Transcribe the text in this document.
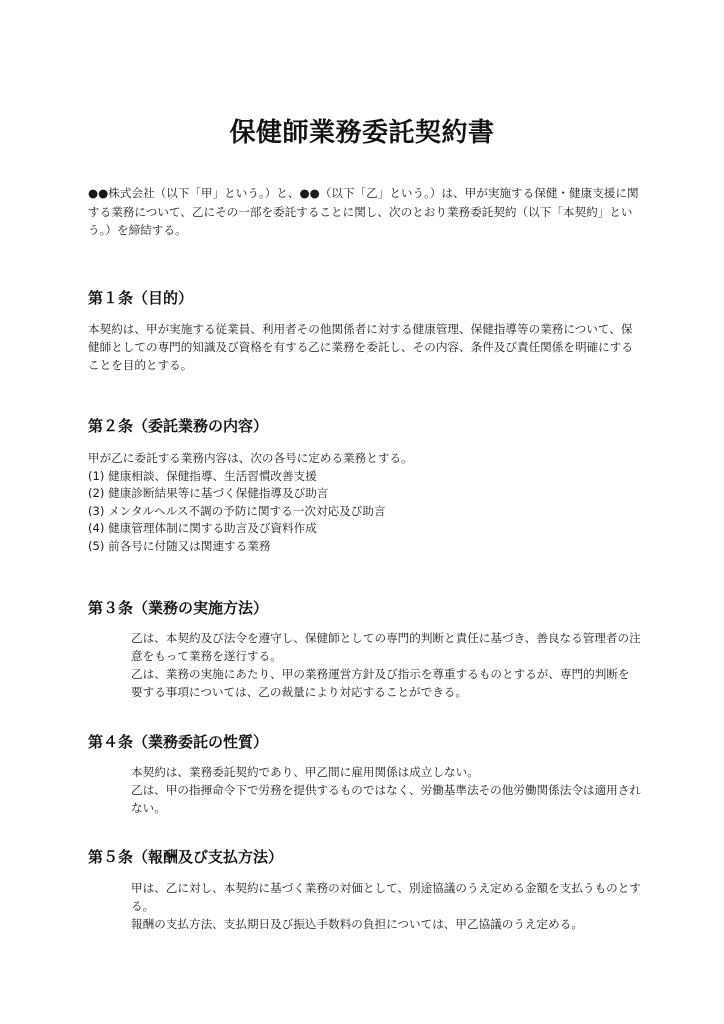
保健師業務委託契約書
●●株式会社（以下「甲」という。）と、●●（以下「乙」という。）は、甲が実施する保健・健康支援に関する業務について、乙にその一部を委託することに関し、次のとおり業務委託契約（以下「本契約」という。）を締結する。
第１条（目的）
本契約は、甲が実施する従業員、利用者その他関係者に対する健康管理、保健指導等の業務について、保健師としての専門的知識及び資格を有する乙に業務を委託し、その内容、条件及び責任関係を明確にすることを目的とする。
第２条（委託業務の内容）
甲が乙に委託する業務内容は、次の各号に定める業務とする。
(1) 健康相談、保健指導、生活習慣改善支援
(2) 健康診断結果等に基づく保健指導及び助言
(3) メンタルヘルス不調の予防に関する一次対応及び助言
(4) 健康管理体制に関する助言及び資料作成
(5) 前各号に付随又は関連する業務
第３条（業務の実施方法）
乙は、本契約及び法令を遵守し、保健師としての専門的判断と責任に基づき、善良なる管理者の注意をもって業務を遂行する。
乙は、業務の実施にあたり、甲の業務運営方針及び指示を尊重するものとするが、専門的判断を要する事項については、乙の裁量により対応することができる。
第４条（業務委託の性質）
本契約は、業務委託契約であり、甲乙間に雇用関係は成立しない。
乙は、甲の指揮命令下で労務を提供するものではなく、労働基準法その他労働関係法令は適用されない。
第５条（報酬及び支払方法）
甲は、乙に対し、本契約に基づく業務の対価として、別途協議のうえ定める金額を支払うものとする。
報酬の支払方法、支払期日及び振込手数料の負担については、甲乙協議のうえ定める。
